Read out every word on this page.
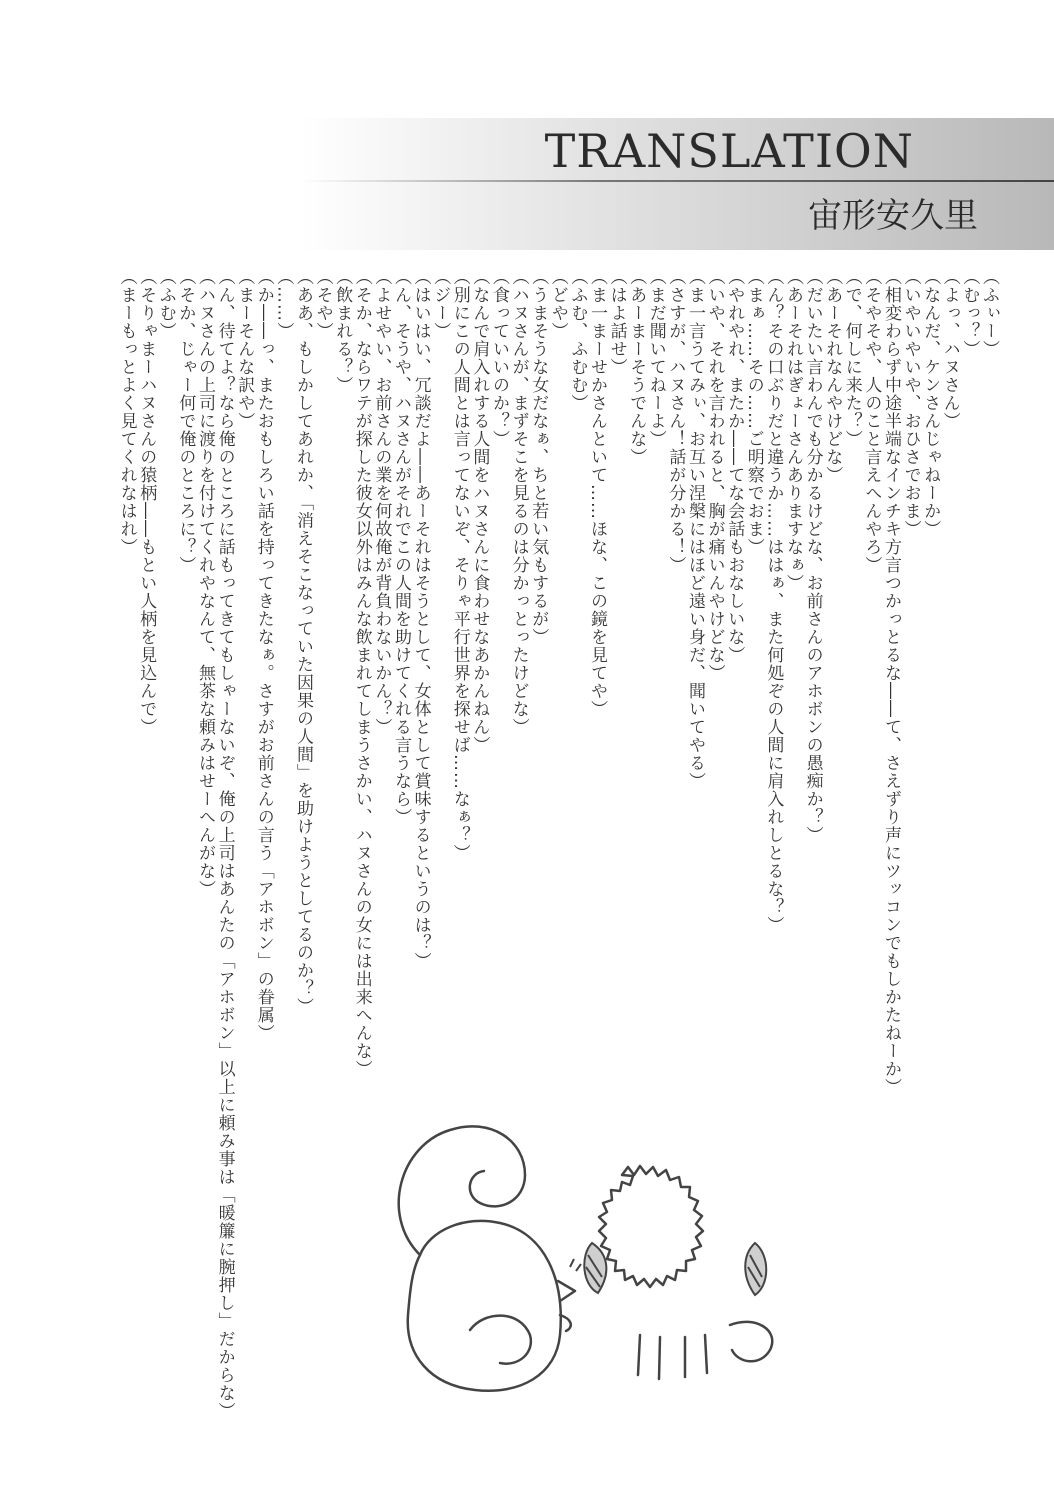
TRANSLATION
宙形安久里
（ふぃー）
（むっ？）
（よっ、ハヌさん）
（なんだ、ケンさんじゃねーか）
（いやいやいや、おひさでおま）
（相変わらず中途半端なインチキ方言つかっとるな――て、さえずり声にツッコンでもしかたねーか）
（そやそや、人のこと言えへんやろ）
（で、何しに来た？）
（あーそれなんやけどな）
（だいたい言わんでも分かるけどな、お前さんのアホボンの愚痴か？）
（あーそれはぎょーさんありますなぁ）
（ん？その口ぶりだと違うか……ははぁ、また何処ぞの人間に肩入れしとるな？）
（まぁ……その……ご明察でおま）
（やれやれ、またか――てな会話もおなしいな）
（いや、それを言われると、胸が痛いんやけどな）
（ま一言うてみぃ、お互い涅槃にはほど遠い身だ、聞いてやる）
（さすが、ハヌさん！話が分かる！）
（まだ聞いてねーよ）
（あーまーそうでんな）
（はよ話せ）
（ま一まーせかさんといて……ほな、この鏡を見てや）
（ふむ、ふむむ）
（どや）
（うまそうな女だなぁ、ちと若い気もするが）
（ハヌさんが、まずそこを見るのは分かっとったけどな）
（食っていいのか？）
（なんで肩入れする人間をハヌさんに食わせなあかんねん）
（別にこの人間とは言ってないぞ、そりゃ平行世界を探せば……なぁ？）
（ジー）
（はいはい、冗談だよ――あーそれはそうとして、女体として賞味するというのは？）
（ん、そうや、ハヌさんがそれでこの人間を助けてくれる言うなら）
（よせやい、お前さんの業を何故俺が背負わないかん？）
（そか、ならワテが探した彼女以外はみんな飲まれてしまうさかい、ハヌさんの女には出来へんな）
（飲まれる？）
（そや）
（ああ、もしかしてあれか、「消えそこなっていた因果の人間」を助けようとしてるのか？）
（……）
（か――っ、またおもしろい話を持ってきたなぁ。さすがお前さんの言う「アホボン」の眷属）
（まーそんな訳や）
（ん、待てよ？なら俺のところに話もってきてもしゃーないぞ、俺の上司はあんたの「アホボン」以上に頼み事は「暖簾に腕押し」だからな）
（ハヌさんの上司に渡りを付けてくれやなんて、無茶な頼みはせーへんがな）
（そか、じゃー何で俺のところに？）
（ふむ）
（そりゃまーハヌさんの猿柄――もとい人柄を見込んで）
（まーもっとよく見てくれなはれ）
